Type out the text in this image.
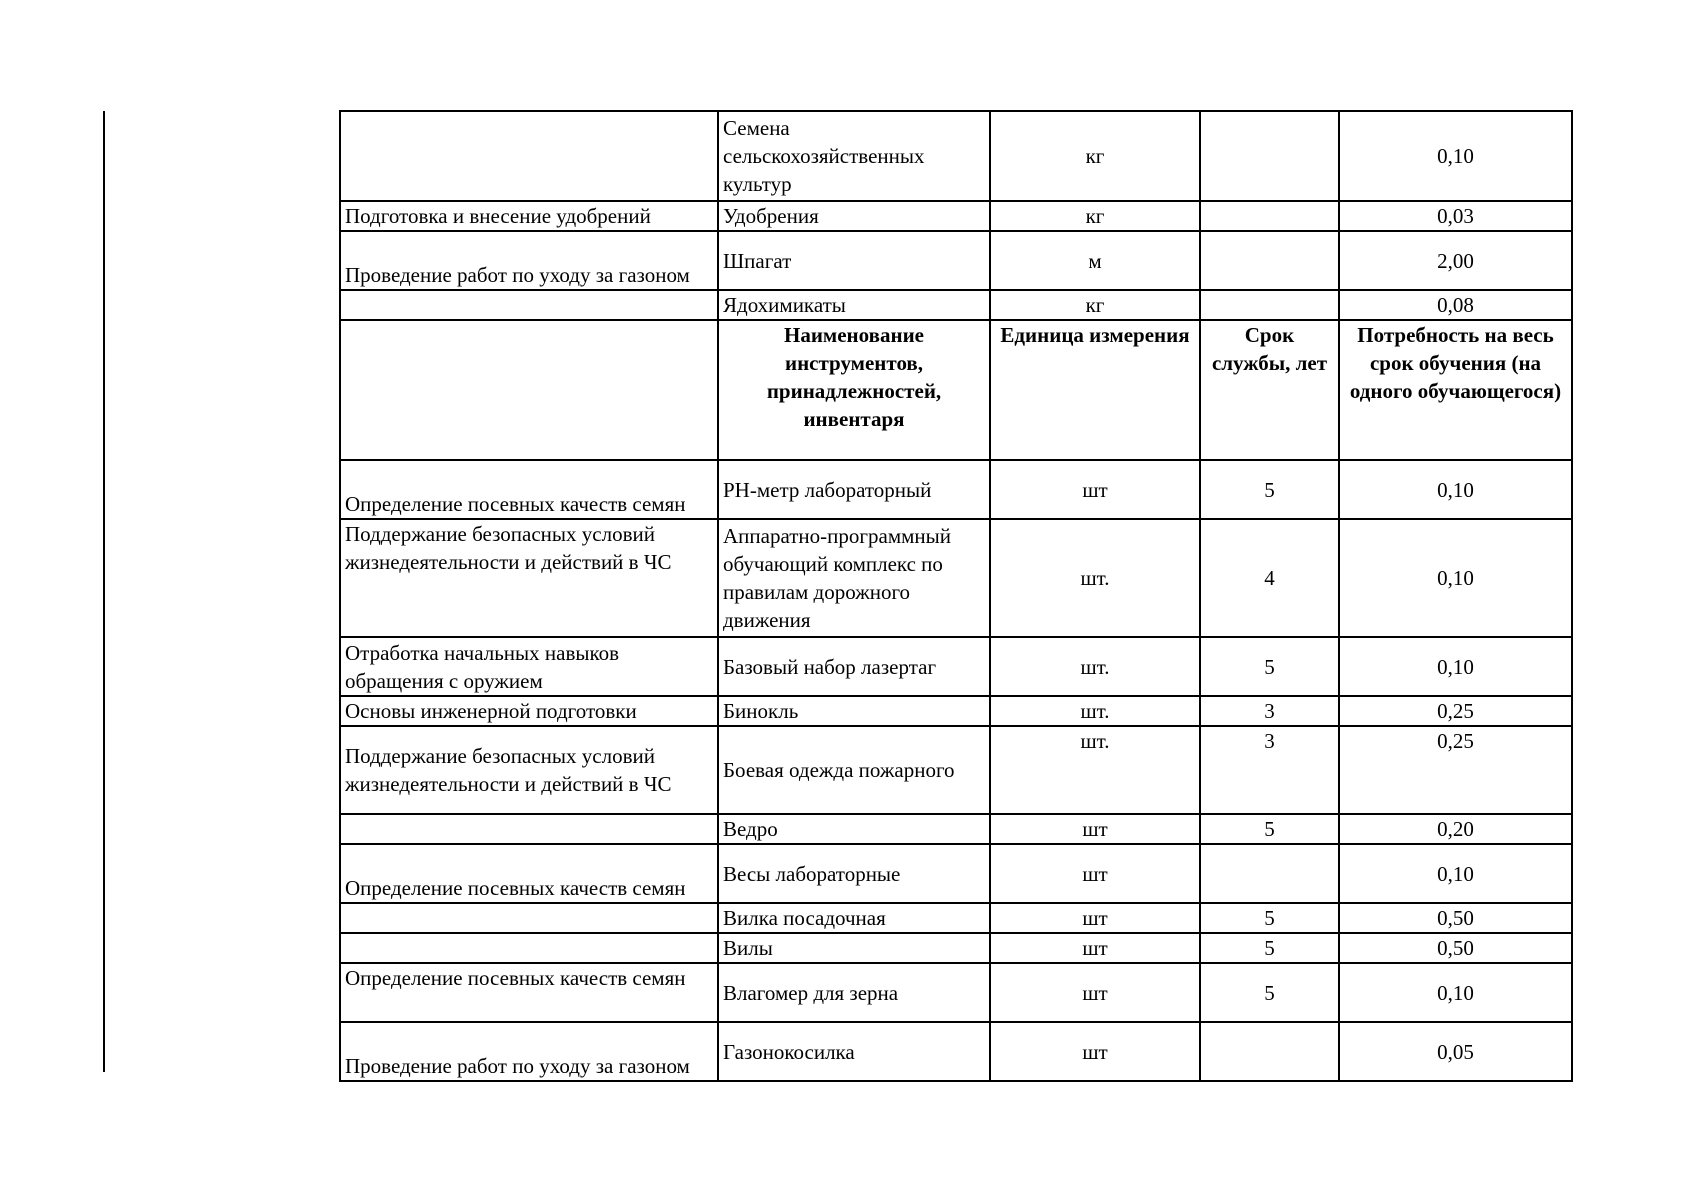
	Семена сельскохозяйственных культур	кг		0,10
Подготовка и внесение удобрений	Удобрения	кг		0,03
Проведение работ по уходу за газоном	Шпагат	м		2,00
	Ядохимикаты	кг		0,08
	Наименование инструментов, принадлежностей, инвентаря	Единица измерения	Срок службы, лет	Потребность на весь срок обучения (на одного обучающегося)
Определение посевных качеств семян	PH-метр лабораторный	шт	5	0,10
Поддержание безопасных условий жизнедеятельности и действий в ЧС	Аппаратно-программный обучающий комплекс по правилам дорожного движения	шт.	4	0,10
Отработка начальных навыков обращения с оружием	Базовый набор лазертаг	шт.	5	0,10
Основы инженерной подготовки	Бинокль	шт.	3	0,25
Поддержание безопасных условий жизнедеятельности и действий в ЧС	Боевая одежда пожарного	шт.	3	0,25
	Ведро	шт	5	0,20
Определение посевных качеств семян	Весы лабораторные	шт		0,10
	Вилка посадочная	шт	5	0,50
	Вилы	шт	5	0,50
Определение посевных качеств семян	Влагомер для зерна	шт	5	0,10
Проведение работ по уходу за газоном	Газонокосилка	шт		0,05
